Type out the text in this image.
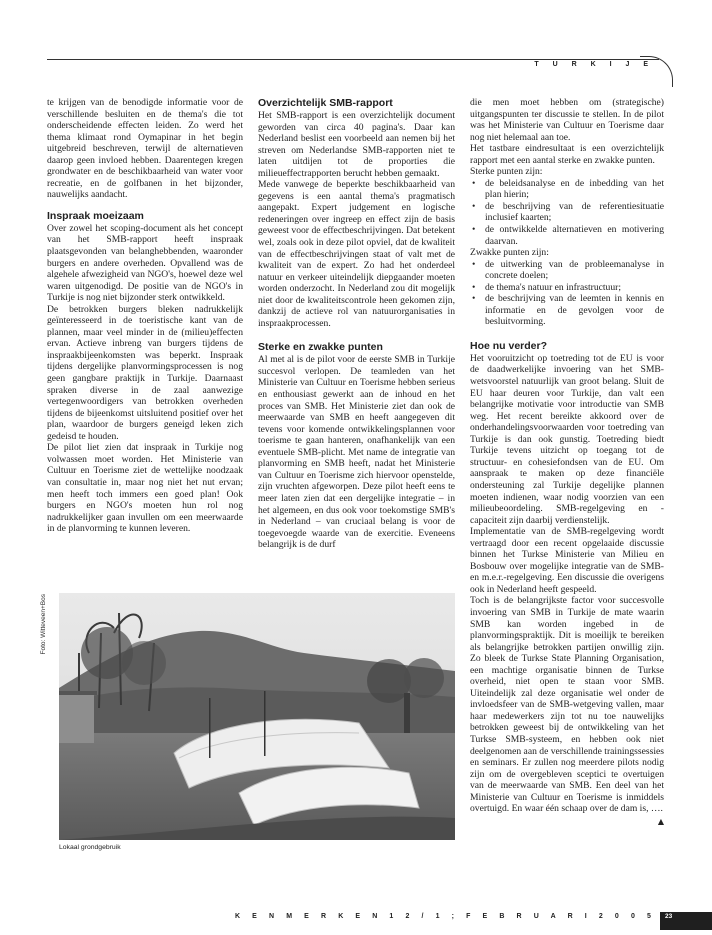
T U R K I J E

te krijgen van de benodigde informatie voor de verschillende besluiten en de thema's die tot onderscheidende effecten leiden. Zo werd het thema klimaat rond Oymapinar in het begin uitgebreid beschreven, terwijl de alternatieven daarop geen invloed hebben. Daarentegen kregen grondwater en de beschikbaarheid van water voor recreatie, en de golfbanen in het bijzonder, nauwelijks aandacht.

Inspraak moeizaam

Over zowel het scoping-document als het concept van het SMB-rapport heeft inspraak plaatsgevonden van belanghebbenden, waaronder burgers en andere overheden. Opvallend was de algehele afwezigheid van NGO's, hoewel deze wel waren uitgenodigd. De positie van de NGO's in Turkije is nog niet bijzonder sterk ontwikkeld.

De betrokken burgers bleken nadrukkelijk geïnteresseerd in de toeristische kant van de plannen, maar veel minder in de (milieu)effecten ervan. Actieve inbreng van burgers tijdens de inspraakbijeenkomsten was beperkt. Inspraak tijdens dergelijke planvormingsprocessen is nog geen gangbare praktijk in Turkije. Daarnaast spraken diverse in de zaal aanwezige vertegenwoordigers van betrokken overheden tijdens de bijeenkomst uitsluitend positief over het plan, waardoor de burgers geneigd leken zich gedeisd te houden.

De pilot liet zien dat inspraak in Turkije nog volwassen moet worden. Het Ministerie van Cultuur en Toerisme ziet de wettelijke noodzaak van consultatie in, maar nog niet het nut ervan; men heeft toch immers een goed plan! Ook burgers en NGO's moeten hun rol nog nadrukkelijker gaan invullen om een meerwaarde in de planvorming te kunnen leveren.

Overzichtelijk SMB-rapport

Het SMB-rapport is een overzichtelijk document geworden van circa 40 pagina's. Daar kan Nederland beslist een voorbeeld aan nemen bij het streven om Nederlandse SMB-rapporten niet te laten uitdijen tot de proporties die milieueffectrapporten berucht hebben gemaakt.

Mede vanwege de beperkte beschikbaarheid van gegevens is een aantal thema's pragmatisch aangepakt. Expert judgement en logische redeneringen over ingreep en effect zijn de basis geweest voor de effectbeschrijvingen. Dat betekent wel, zoals ook in deze pilot opviel, dat de kwaliteit van de effectbeschrijvingen staat of valt met de kwaliteit van de expert. Zo had het onderdeel natuur en verkeer uiteindelijk diepgaander moeten worden onderzocht. In Nederland zou dit mogelijk niet door de kwaliteitscontrole heen gekomen zijn, dankzij de actieve rol van natuurorganisaties in inspraakprocessen.

Sterke en zwakke punten

Al met al is de pilot voor de eerste SMB in Turkije succesvol verlopen. De teamleden van het Ministerie van Cultuur en Toerisme hebben serieus en enthousiast gewerkt aan de inhoud en het proces van SMB. Het Ministerie ziet dan ook de meerwaarde van SMB en heeft aangegeven dit tevens voor komende ontwikkelingsplannen voor toerisme te gaan hanteren, onafhankelijk van een eventuele SMB-plicht. Met name de integratie van planvorming en SMB heeft, nadat het Ministerie van Cultuur en Toerisme zich hiervoor openstelde, zijn vruchten afgeworpen. Deze pilot heeft eens te meer laten zien dat een dergelijke integratie – in het algemeen, en dus ook voor toekomstige SMB's in Nederland – van cruciaal belang is voor de toegevoegde waarde van de exercitie. Eveneens belangrijk is de durf

die men moet hebben om (strategische) uitgangspunten ter discussie te stellen. In de pilot was het Ministerie van Cultuur en Toerisme daar nog niet helemaal aan toe.

Het tastbare eindresultaat is een overzichtelijk rapport met een aantal sterke en zwakke punten.

Sterke punten zijn:

• de beleidsanalyse en de inbedding van het plan hierin;
• de beschrijving van de referentiesituatie inclusief kaarten;
• de ontwikkelde alternatieven en motivering daarvan.

Zwakke punten zijn:

• de uitwerking van de probleemanalyse in concrete doelen;
• de thema's natuur en infrastructuur;
• de beschrijving van de leemten in kennis en informatie en de gevolgen voor de besluitvorming.
Hoe nu verder?

Het vooruitzicht op toetreding tot de EU is voor de daadwerkelijke invoering van het SMB-wetsvoorstel natuurlijk van groot belang. Sluit de EU haar deuren voor Turkije, dan valt een belangrijke motivatie voor introductie van SMB weg. Het recent bereikte akkoord over de onderhandelingsvoorwaarden voor toetreding van Turkije is dan ook gunstig. Toetreding biedt Turkije tevens uitzicht op toegang tot de structuur- en cohesiefondsen van de EU. Om aanspraak te maken op deze financiële ondersteuning zal Turkije degelijke plannen moeten indienen, waar nodig voorzien van een milieubeoordeling. SMB-regelgeving en -capaciteit zijn daarbij verdienstelijk.

Implementatie van de SMB-regelgeving wordt vertraagd door een recent opgelaaide discussie binnen het Turkse Ministerie van Milieu en Bosbouw over mogelijke integratie van de SMB- en m.e.r.-regelgeving. Een discussie die overigens ook in Nederland heeft gespeeld.

Toch is de belangrijkste factor voor succesvolle invoering van SMB in Turkije de mate waarin SMB kan worden ingebed in de planvormingspraktijk. Dit is moeilijk te bereiken als belangrijke betrokken partijen onwillig zijn. Zo bleek de Turkse State Planning Organisation, een machtige organisatie binnen de Turkse overheid, niet open te staan voor SMB. Uiteindelijk zal deze organisatie wel onder de invloedsfeer van de SMB-wetgeving vallen, maar haar medewerkers zijn tot nu toe nauwelijks betrokken geweest bij de ontwikkeling van het Turkse SMB-systeem, en hebben ook niet deelgenomen aan de verschillende trainingssessies en seminars. Er zullen nog meerdere pilots nodig zijn om de overgebleven sceptici te overtuigen van de meerwaarde van SMB. Een deel van het Ministerie van Cultuur en Toerisme is inmiddels overtuigd. En waar één schaap over de dam is, ….
▲

Foto: Witteveen+Bos
Lokaal grondgebruik
K E N M E R K E N 1 2 / 1 ; F E B R U A R I 2 0 0 5 23
